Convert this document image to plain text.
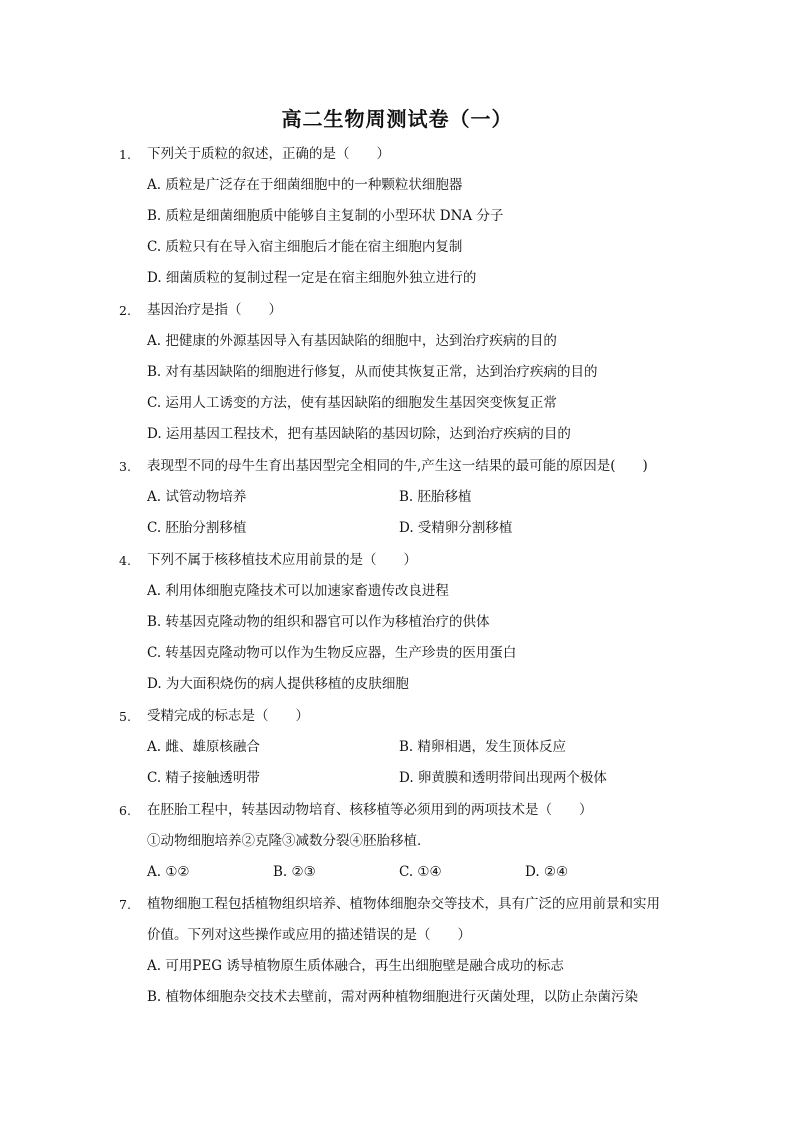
高二生物周测试卷（一）
1. 下列关于质粒的叙述，正确的是（　　）
A. 质粒是广泛存在于细菌细胞中的一种颗粒状细胞器
B. 质粒是细菌细胞质中能够自主复制的小型环状 DNA 分子
C. 质粒只有在导入宿主细胞后才能在宿主细胞内复制
D. 细菌质粒的复制过程一定是在宿主细胞外独立进行的
2. 基因治疗是指（　　）
A. 把健康的外源基因导入有基因缺陷的细胞中，达到治疗疾病的目的
B. 对有基因缺陷的细胞进行修复，从而使其恢复正常，达到治疗疾病的目的
C. 运用人工诱变的方法，使有基因缺陷的细胞发生基因突变恢复正常
D. 运用基因工程技术，把有基因缺陷的基因切除，达到治疗疾病的目的
3. 表现型不同的母牛生育出基因型完全相同的牛,产生这一结果的最可能的原因是(　　)
A. 试管动物培养	B. 胚胎移植
C. 胚胎分割移植	D. 受精卵分割移植
4. 下列不属于核移植技术应用前景的是（　　）
A. 利用体细胞克隆技术可以加速家畜遗传改良进程
B. 转基因克隆动物的组织和器官可以作为移植治疗的供体
C. 转基因克隆动物可以作为生物反应器，生产珍贵的医用蛋白
D. 为大面积烧伤的病人提供移植的皮肤细胞
5. 受精完成的标志是（　　）
A. 雌、雄原核融合	B. 精卵相遇，发生顶体反应
C. 精子接触透明带	D. 卵黄膜和透明带间出现两个极体
6. 在胚胎工程中，转基因动物培育、核移植等必须用到的两项技术是（　　）
①动物细胞培养②克隆③减数分裂④胚胎移植．
A. ①②	B. ②③	C. ①④	D. ②④
7. 植物细胞工程包括植物组织培养、植物体细胞杂交等技术，具有广泛的应用前景和实用
价值。下列对这些操作或应用的描述错误的是（　　）
A. 可用PEG 诱导植物原生质体融合，再生出细胞壁是融合成功的标志
B. 植物体细胞杂交技术去壁前，需对两种植物细胞进行灭菌处理，以防止杂菌污染
